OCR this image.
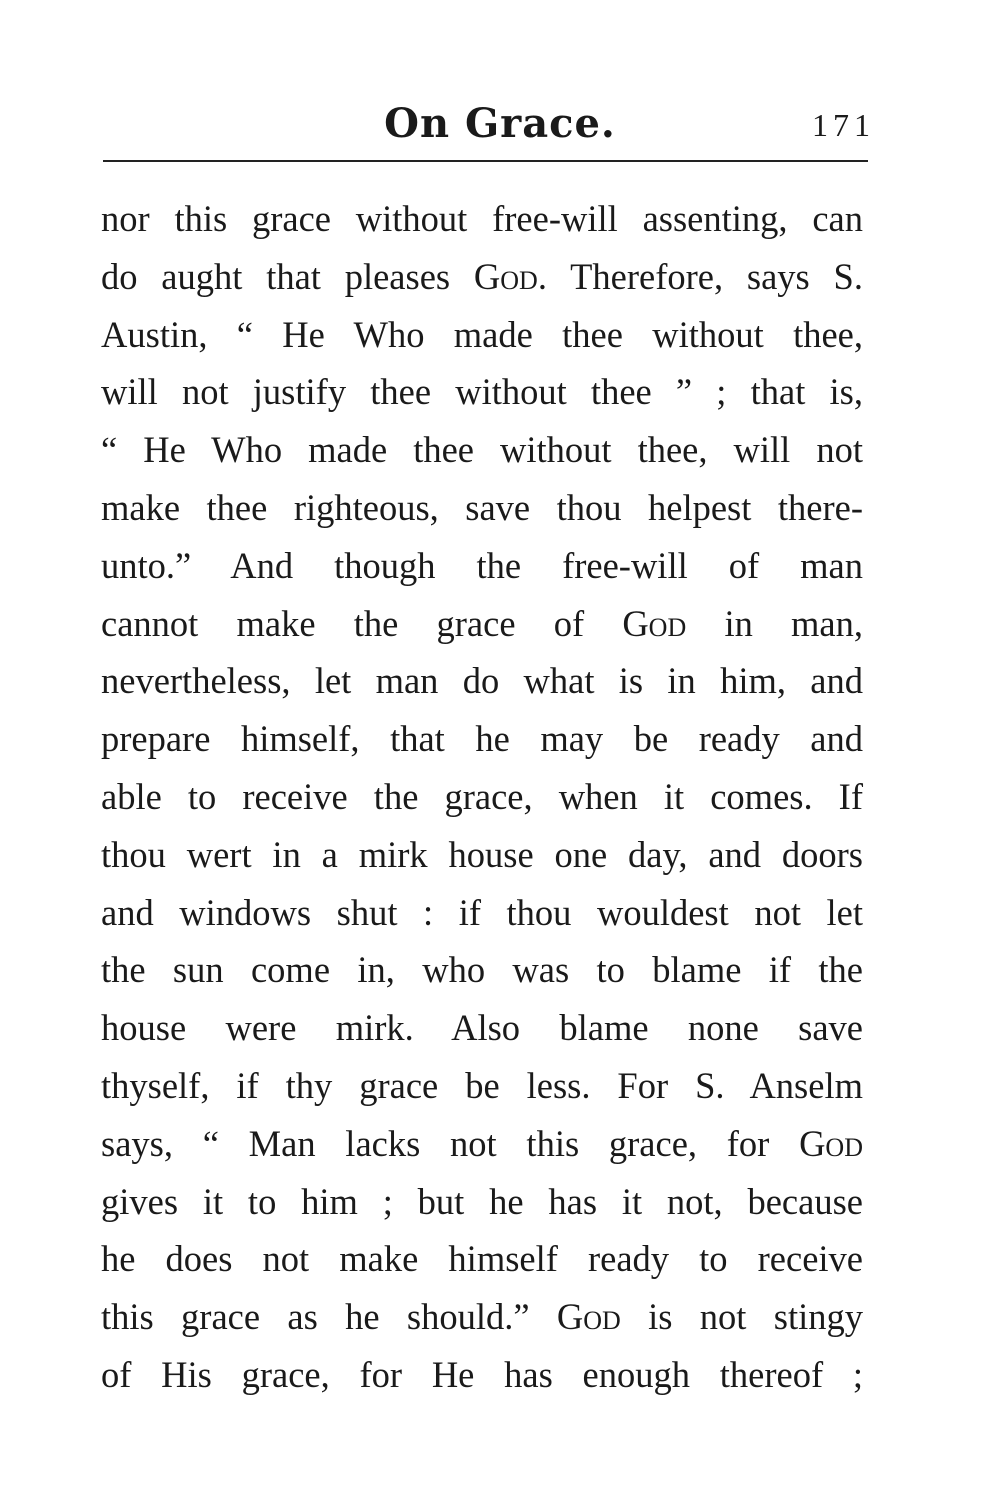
On Grace.	171
nor this grace without free-will assenting, can
do aught that pleases God. Therefore, says S.
Austin, “ He Who made thee without thee,
will not justify thee without thee ” ; that is,
“ He Who made thee without thee, will not
make thee righteous, save thou helpest there-
unto.” And though the free-will of man
cannot make the grace of God in man,
nevertheless, let man do what is in him, and
prepare himself, that he may be ready and
able to receive the grace, when it comes. If
thou wert in a mirk house one day, and doors
and windows shut : if thou wouldest not let
the sun come in, who was to blame if the
house were mirk. Also blame none save
thyself, if thy grace be less. For S. Anselm
says, “ Man lacks not this grace, for God
gives it to him ; but he has it not, because
he does not make himself ready to receive
this grace as he should.” God is not stingy
of His grace, for He has enough thereof ;
